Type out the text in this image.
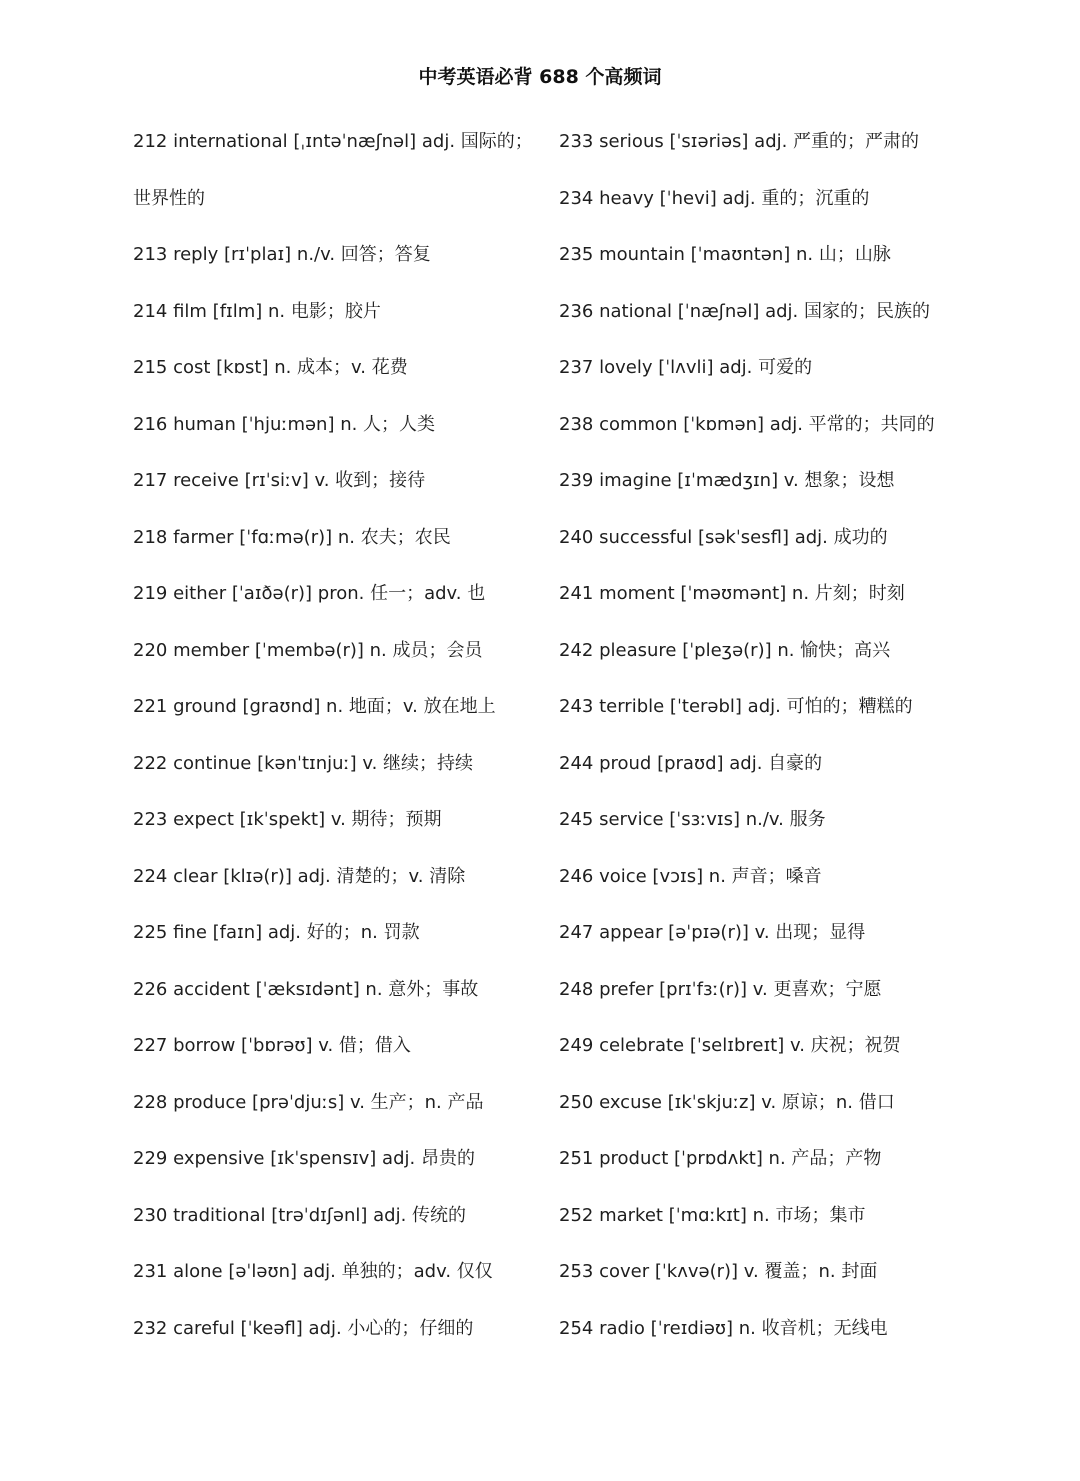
中考英语必背 688 个高频词
212 international [ˌɪntəˈnæʃnəl] adj. 国际的；
世界性的
213 reply [rɪˈplaɪ] n./v. 回答；答复
214 film [fɪlm] n. 电影；胶片
215 cost [kɒst] n. 成本；v. 花费
216 human [ˈhjuːmən] n. 人；人类
217 receive [rɪˈsiːv] v. 收到；接待
218 farmer [ˈfɑːmə(r)] n. 农夫；农民
219 either [ˈaɪðə(r)] pron. 任一；adv. 也
220 member [ˈmembə(r)] n. 成员；会员
221 ground [graʊnd] n. 地面；v. 放在地上
222 continue [kənˈtɪnjuː] v. 继续；持续
223 expect [ɪkˈspekt] v. 期待；预期
224 clear [klɪə(r)] adj. 清楚的；v. 清除
225 fine [faɪn] adj. 好的；n. 罚款
226 accident [ˈæksɪdənt] n. 意外；事故
227 borrow [ˈbɒrəʊ] v. 借；借入
228 produce [prəˈdjuːs] v. 生产；n. 产品
229 expensive [ɪkˈspensɪv] adj. 昂贵的
230 traditional [trəˈdɪʃənl] adj. 传统的
231 alone [əˈləʊn] adj. 单独的；adv. 仅仅
232 careful [ˈkeəfl] adj. 小心的；仔细的
233 serious [ˈsɪəriəs] adj. 严重的；严肃的
234 heavy [ˈhevi] adj. 重的；沉重的
235 mountain [ˈmaʊntən] n. 山；山脉
236 national [ˈnæʃnəl] adj. 国家的；民族的
237 lovely [ˈlʌvli] adj. 可爱的
238 common [ˈkɒmən] adj. 平常的；共同的
239 imagine [ɪˈmædʒɪn] v. 想象；设想
240 successful [səkˈsesfl] adj. 成功的
241 moment [ˈməʊmənt] n. 片刻；时刻
242 pleasure [ˈpleʒə(r)] n. 愉快；高兴
243 terrible [ˈterəbl] adj. 可怕的；糟糕的
244 proud [praʊd] adj. 自豪的
245 service [ˈsɜːvɪs] n./v. 服务
246 voice [vɔɪs] n. 声音；嗓音
247 appear [əˈpɪə(r)] v. 出现；显得
248 prefer [prɪˈfɜː(r)] v. 更喜欢；宁愿
249 celebrate [ˈselɪbreɪt] v. 庆祝；祝贺
250 excuse [ɪkˈskjuːz] v. 原谅；n. 借口
251 product [ˈprɒdʌkt] n. 产品；产物
252 market [ˈmɑːkɪt] n. 市场；集市
253 cover [ˈkʌvə(r)] v. 覆盖；n. 封面
254 radio [ˈreɪdiəʊ] n. 收音机；无线电
